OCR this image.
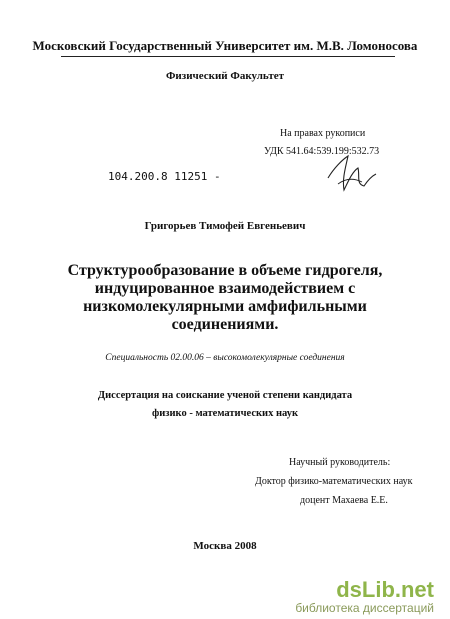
Московский Государственный Университет им. М.В. Ломоносова
Физический Факультет
На правах рукописи
УДК 541.64:539.199:532.73
104.200.8 11251 -
Григорьев Тимофей Евгеньевич
Структурообразование в объеме гидрогеля,
индуцированное взаимодействием с
низкомолекулярными амфифильными
соединениями.
Специальность 02.00.06 – высокомолекулярные соединения
Диссертация на соискание ученой степени кандидата
физико - математических наук
Научный руководитель:
Доктор физико-математических наук
доцент Махаева Е.Е.
Москва 2008
dsLib.net
библиотека диссертаций
